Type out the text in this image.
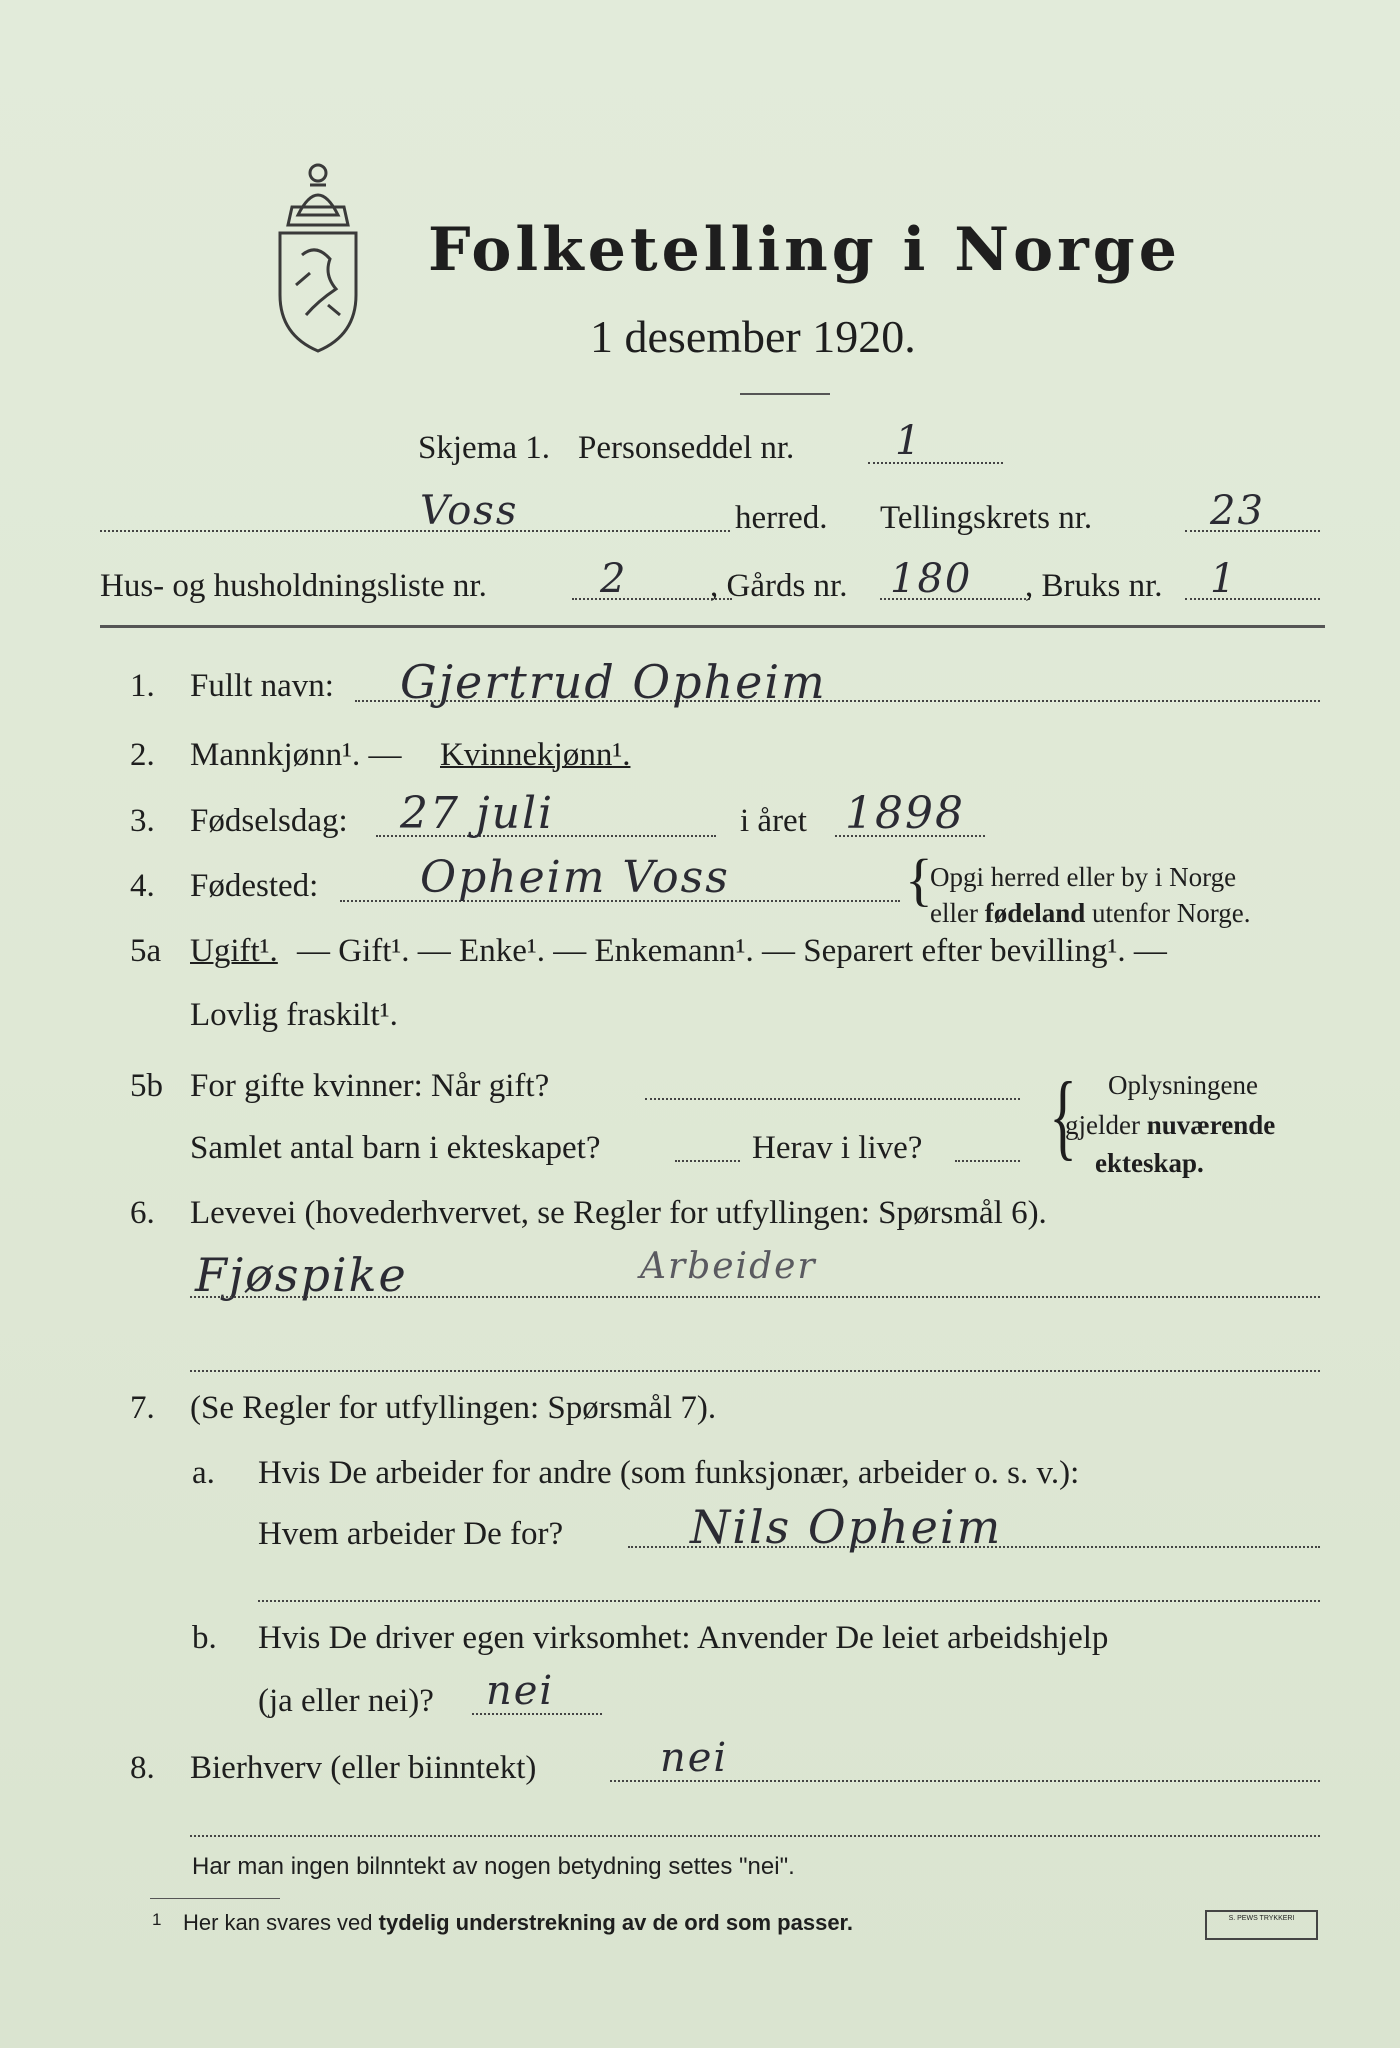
Folketelling i Norge
1 desember 1920.
Skjema 1. Personseddel nr.	1
Voss	herred. Tellingskrets nr.	23
Hus- og husholdningsliste nr.	2	, Gårds nr. 180 , Bruks nr. 1
1. Fullt navn: Gjertrud Opheim
2. Mannkjønn¹. — Kvinnekjønn¹.
3. Fødselsdag: 27 juli	i året 1898
4. Fødested: Opheim Voss	{
Opgi herred eller by i Norge
eller fødeland utenfor Norge.
5a Ugift¹. — Gift¹. — Enke¹. — Enkemann¹. — Separert efter bevilling¹. —
Lovlig fraskilt¹.
5b For gifte kvinner: Når gift?
Samlet antal barn i ekteskapet?	Herav i live? { Oplysningene
gjelder nuværende
ekteskap.
6. Levevei (hovederhvervet, se Regler for utfyllingen: Spørsmål 6).
Fjøspike	Arbeider
7. (Se Regler for utfyllingen: Spørsmål 7).
a. Hvis De arbeider for andre (som funksjonær, arbeider o. s. v.):
Hvem arbeider De for?	Nils Opheim
b. Hvis De driver egen virksomhet: Anvender De leiet arbeidshjelp
(ja eller nei)? nei
8. Bierhverv (eller biinntekt)	nei
Har man ingen bilnntekt av nogen betydning settes "nei".
1 Her kan svares ved tydelig understrekning av de ord som passer.	S. PEWS TRYKKERI
